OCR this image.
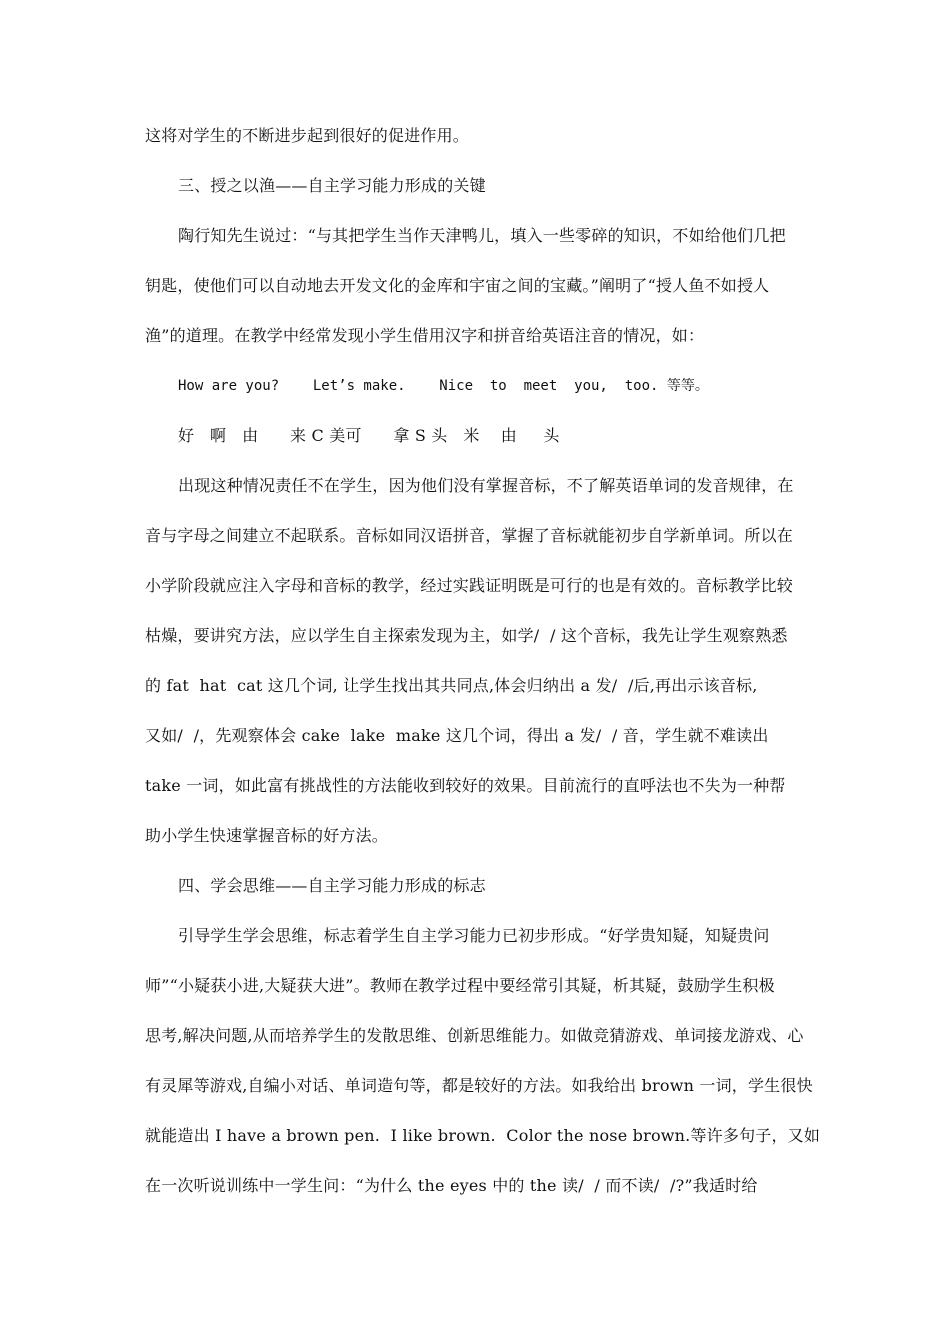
这将对学生的不断进步起到很好的促进作用。
三、授之以渔——自主学习能力形成的关键
陶行知先生说过：“与其把学生当作天津鸭儿，填入一些零碎的知识，不如给他们几把
钥匙，使他们可以自动地去开发文化的金库和宇宙之间的宝藏。”阐明了“授人鱼不如授人
渔”的道理。在教学中经常发现小学生借用汉字和拼音给英语注音的情况，如：
How are you?    Let’s make.    Nice  to  meet  you,  too. 等等。
好   啊   由      来 C 美可      拿 S 头   米    由     头
出现这种情况责任不在学生，因为他们没有掌握音标，不了解英语单词的发音规律，在
音与字母之间建立不起联系。音标如同汉语拼音，掌握了音标就能初步自学新单词。所以在
小学阶段就应注入字母和音标的教学，经过实践证明既是可行的也是有效的。音标教学比较
枯燥，要讲究方法，应以学生自主探索发现为主，如学/  / 这个音标，我先让学生观察熟悉
的 fat  hat  cat 这几个词, 让学生找出其共同点,体会归纳出 a 发/  /后,再出示该音标,
又如/  /，先观察体会 cake  lake  make 这几个词，得出 a 发/  / 音，学生就不难读出
take 一词，如此富有挑战性的方法能收到较好的效果。目前流行的直呼法也不失为一种帮
助小学生快速掌握音标的好方法。
四、学会思维——自主学习能力形成的标志
引导学生学会思维，标志着学生自主学习能力已初步形成。“好学贵知疑，知疑贵问
师”“小疑获小进,大疑获大进”。教师在教学过程中要经常引其疑，析其疑，鼓励学生积极
思考,解决问题,从而培养学生的发散思维、创新思维能力。如做竞猜游戏、单词接龙游戏、心
有灵犀等游戏,自编小对话、单词造句等，都是较好的方法。如我给出 brown 一词，学生很快
就能造出 I have a brown pen.  I like brown.  Color the nose brown.等许多句子，又如
在一次听说训练中一学生问：“为什么 the eyes 中的 the 读/  / 而不读/  /?”我适时给
